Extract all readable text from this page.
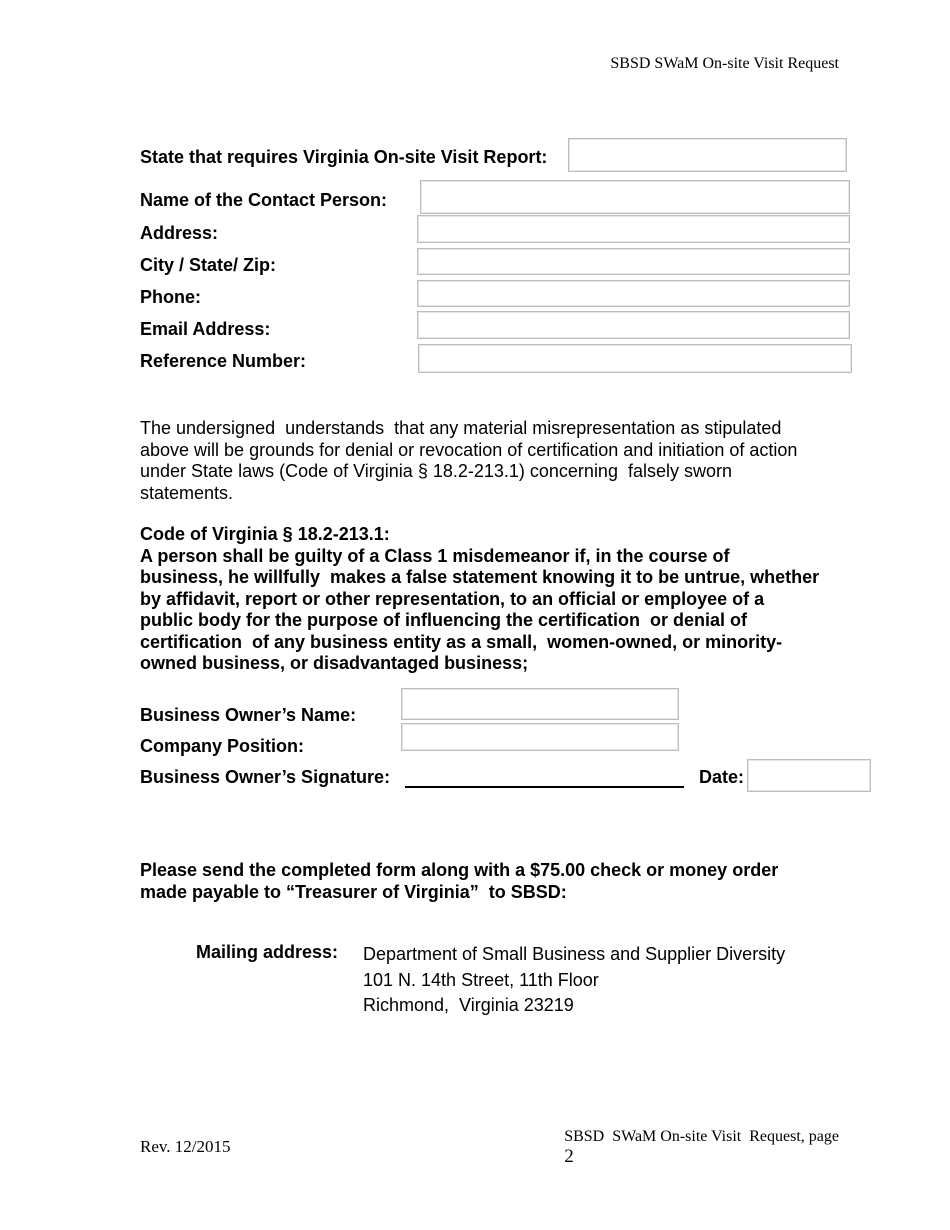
SBSD SWaM On-site Visit Request
State that requires Virginia On-site Visit Report:
Name of the Contact Person:
Address:
City / State/ Zip:
Phone:
Email Address:
Reference Number:
The undersigned  understands  that any material misrepresentation as stipulated
above will be grounds for denial or revocation of certification and initiation of action
under State laws (Code of Virginia § 18.2-213.1) concerning  falsely sworn
statements.
Code of Virginia § 18.2-213.1:
A person shall be guilty of a Class 1 misdemeanor if, in the course of
business, he willfully  makes a false statement knowing it to be untrue, whether
by affidavit, report or other representation, to an official or employee of a
public body for the purpose of influencing the certification  or denial of
certification  of any business entity as a small,  women-owned, or minority-
owned business, or disadvantaged business;
Business Owner’s Name:
Company Position:
Business Owner’s Signature:	Date:
Please send the completed form along with a $75.00 check or money order
made payable to “Treasurer of Virginia”  to SBSD:
Mailing address: Department of Small Business and Supplier Diversity
101 N. 14th Street, 11th Floor
Richmond,  Virginia 23219

SBSD  SWaM On-site Visit  Request, page
2

Rev. 12/2015
